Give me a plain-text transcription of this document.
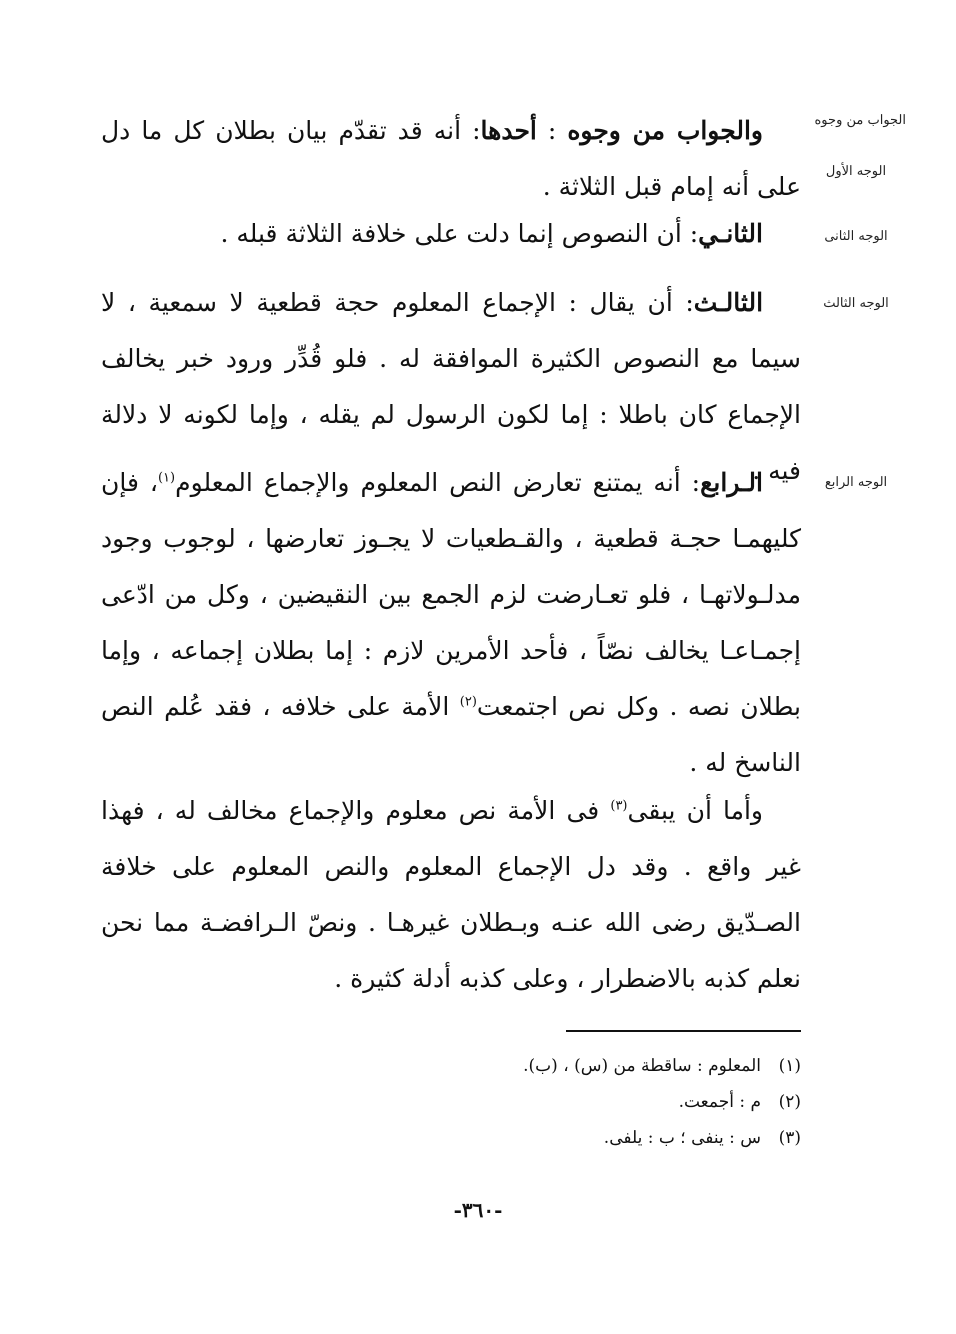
الجواب من وجوه
الوجه الأول
الوجه الثانى
الوجه الثالث
الوجه الرابع

والجواب من وجوه : أحدها: أنه قد تقدّم بيان بطلان كل ما دل على أنه إمام قبل الثلاثة .

الثانـي: أن النصوص إنما دلت على خلافة الثلاثة قبله .

الثالـث: أن يقال : الإجماع المعلوم حجة قطعية لا سمعية ، لا سيما مع النصوص الكثيرة الموافقة له . فلو قُدِّر ورود خبر يخالف الإجماع كان باطلا : إما لكون الرسول لم يقله ، وإما لكونه لا دلالة فيه .

الـرابع: أنه يمتنع تعارض النص المعلوم والإجماع المعلوم$^{(١)}$، فإن كليهمـا حجـة قطعية ، والقـطعيات لا يجـوز تعارضها ، لوجوب وجود مدلـولاتهـا ، فلو تعـارضت لزم الجمع بين النقيضين ، وكل من ادّعى إجمـاعـا يخالف نصّاً ، فأحد الأمرين لازم : إما بطلان إجماعه ، وإما بطلان نصه . وكل نص اجتمعت$^{(٢)}$ الأمة على خلافه ، فقد عُلم النص الناسخ له .

وأما أن يبقى$^{(٣)}$ فى الأمة نص معلوم والإجماع مخالف له ، فهذا غير واقع . وقد دل الإجماع المعلوم والنص المعلوم على خلافة الصـدّيق رضى الله عنـه وبـطلان غيرهـا . ونصّ الـرافضـة مما نحن نعلم كذبه بالاضطرار ، وعلى كذبه أدلة كثيرة .

(١)المعلوم : ساقطة من (س) ، (ب).
(٢)م : أجمعت.
(٣)س : ينفى ؛ ب : يلفى.
-٣٦٠-
